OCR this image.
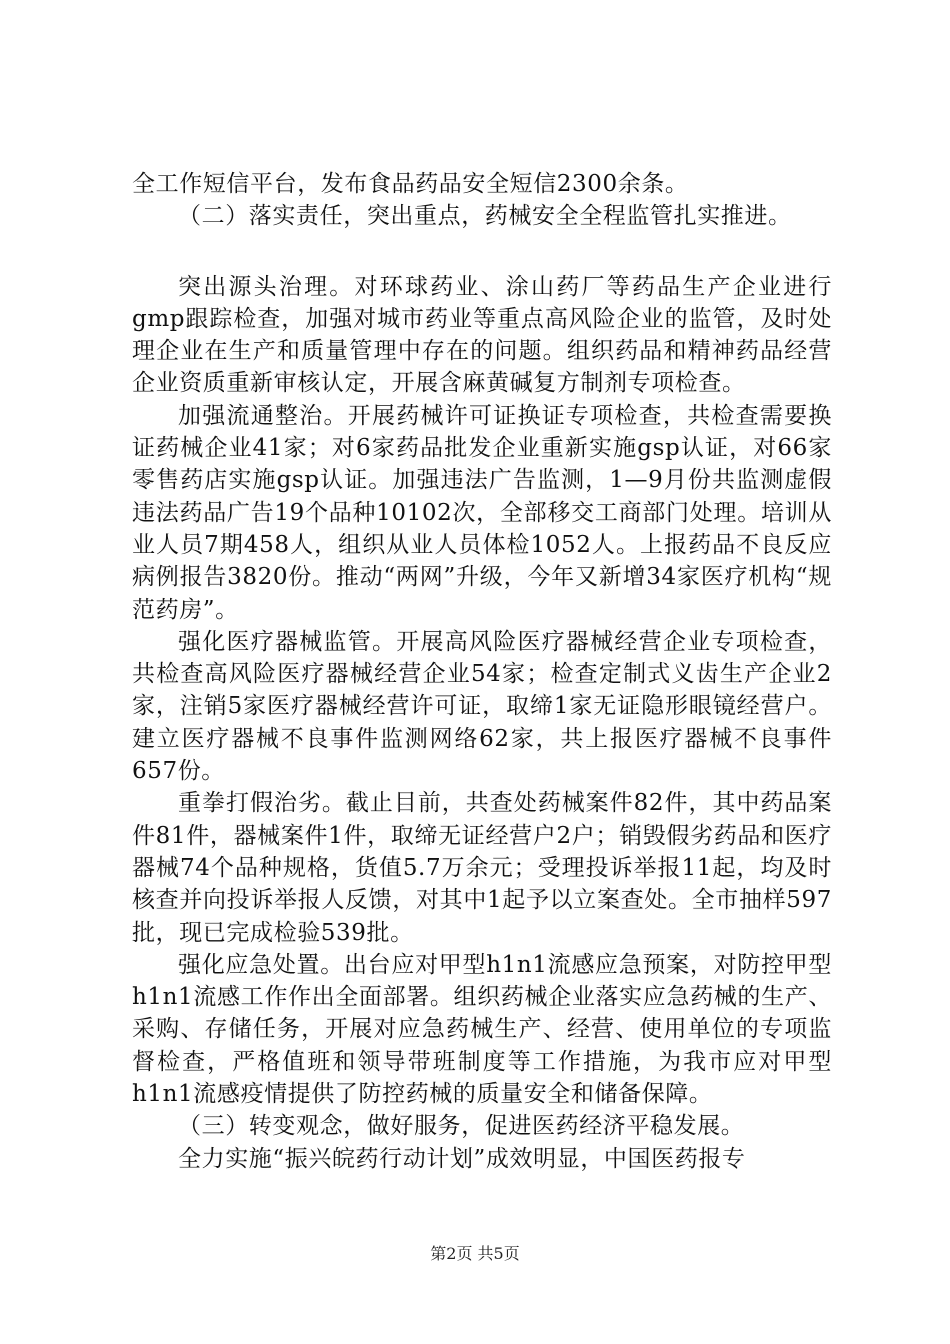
全工作短信平台，发布食品药品安全短信2300余条。

（二）落实责任，突出重点，药械安全全程监管扎实推进。

突出源头治理。对环球药业、涂山药厂等药品生产企业进行gmp跟踪检查，加强对城市药业等重点高风险企业的监管，及时处理企业在生产和质量管理中存在的问题。组织药品和精神药品经营企业资质重新审核认定，开展含麻黄碱复方制剂专项检查。

加强流通整治。开展药械许可证换证专项检查，共检查需要换证药械企业41家；对6家药品批发企业重新实施gsp认证，对66家零售药店实施gsp认证。加强违法广告监测，1—9月份共监测虚假违法药品广告19个品种10102次，全部移交工商部门处理。培训从业人员7期458人，组织从业人员体检1052人。上报药品不良反应病例报告3820份。推动“两网”升级，今年又新增34家医疗机构“规范药房”。

强化医疗器械监管。开展高风险医疗器械经营企业专项检查，共检查高风险医疗器械经营企业54家；检查定制式义齿生产企业2家，注销5家医疗器械经营许可证，取缔1家无证隐形眼镜经营户。建立医疗器械不良事件监测网络62家，共上报医疗器械不良事件657份。

重拳打假治劣。截止目前，共查处药械案件82件，其中药品案件81件，器械案件1件，取缔无证经营户2户；销毁假劣药品和医疗器械74个品种规格，货值5.7万余元；受理投诉举报11起，均及时核查并向投诉举报人反馈，对其中1起予以立案查处。全市抽样597批，现已完成检验539批。

强化应急处置。出台应对甲型h1n1流感应急预案，对防控甲型h1n1流感工作作出全面部署。组织药械企业落实应急药械的生产、采购、存储任务，开展对应急药械生产、经营、使用单位的专项监督检查，严格值班和领导带班制度等工作措施，为我市应对甲型h1n1流感疫情提供了防控药械的质量安全和储备保障。

（三）转变观念，做好服务，促进医药经济平稳发展。

全力实施“振兴皖药行动计划”成效明显，中国医药报专

第2页 共5页
